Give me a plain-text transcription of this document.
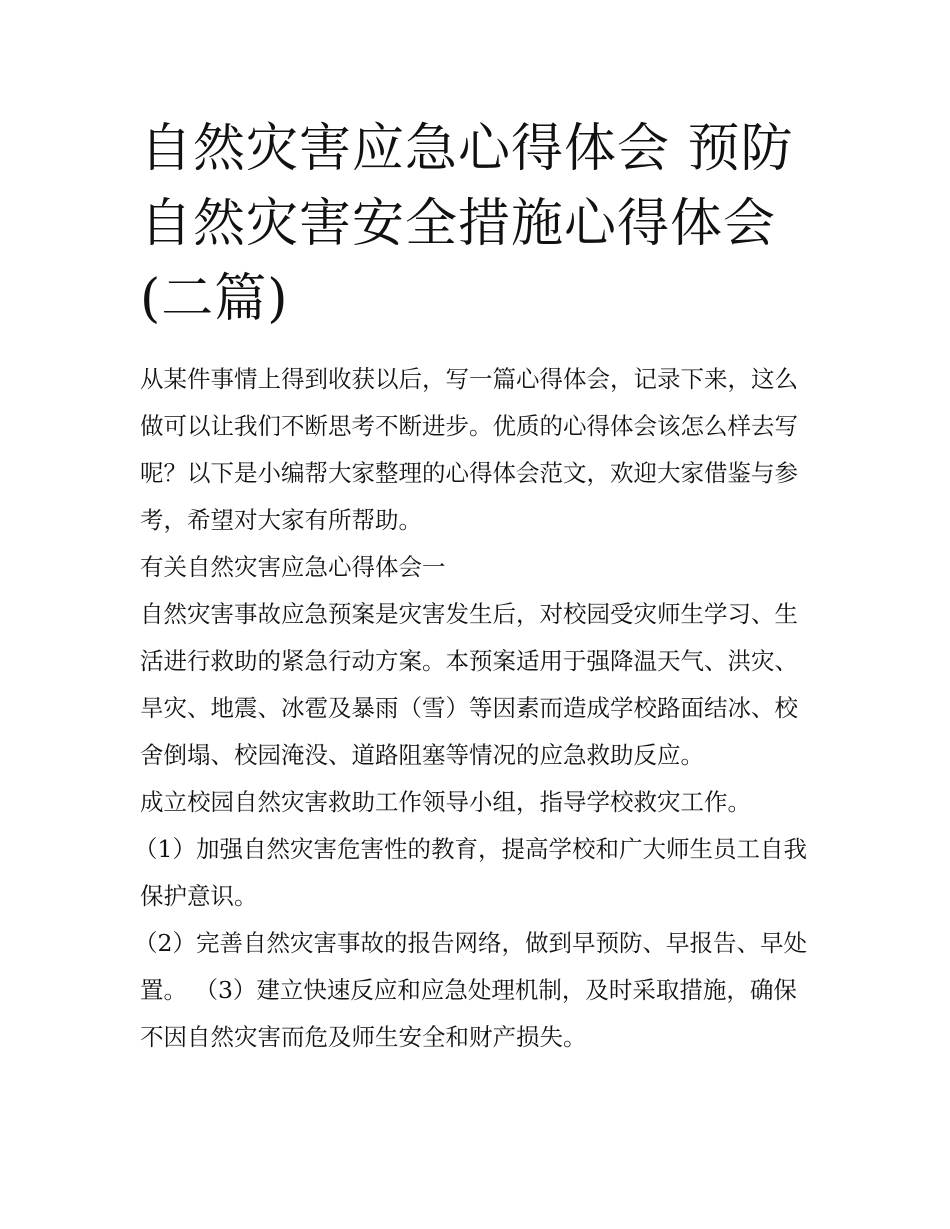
自然灾害应急心得体会 预防自然灾害安全措施心得体会(二篇)

从某件事情上得到收获以后，写一篇心得体会，记录下来，这么做可以让我们不断思考不断进步。优质的心得体会该怎么样去写呢？以下是小编帮大家整理的心得体会范文，欢迎大家借鉴与参考，希望对大家有所帮助。

有关自然灾害应急心得体会一

自然灾害事故应急预案是灾害发生后，对校园受灾师生学习、生活进行救助的紧急行动方案。本预案适用于强降温天气、洪灾、旱灾、地震、冰雹及暴雨（雪）等因素而造成学校路面结冰、校舍倒塌、校园淹没、道路阻塞等情况的应急救助反应。

成立校园自然灾害救助工作领导小组，指导学校救灾工作。

（1）加强自然灾害危害性的教育，提高学校和广大师生员工自我保护意识。

（2）完善自然灾害事故的报告网络，做到早预防、早报告、早处置。 （3）建立快速反应和应急处理机制，及时采取措施，确保不因自然灾害而危及师生安全和财产损失。
